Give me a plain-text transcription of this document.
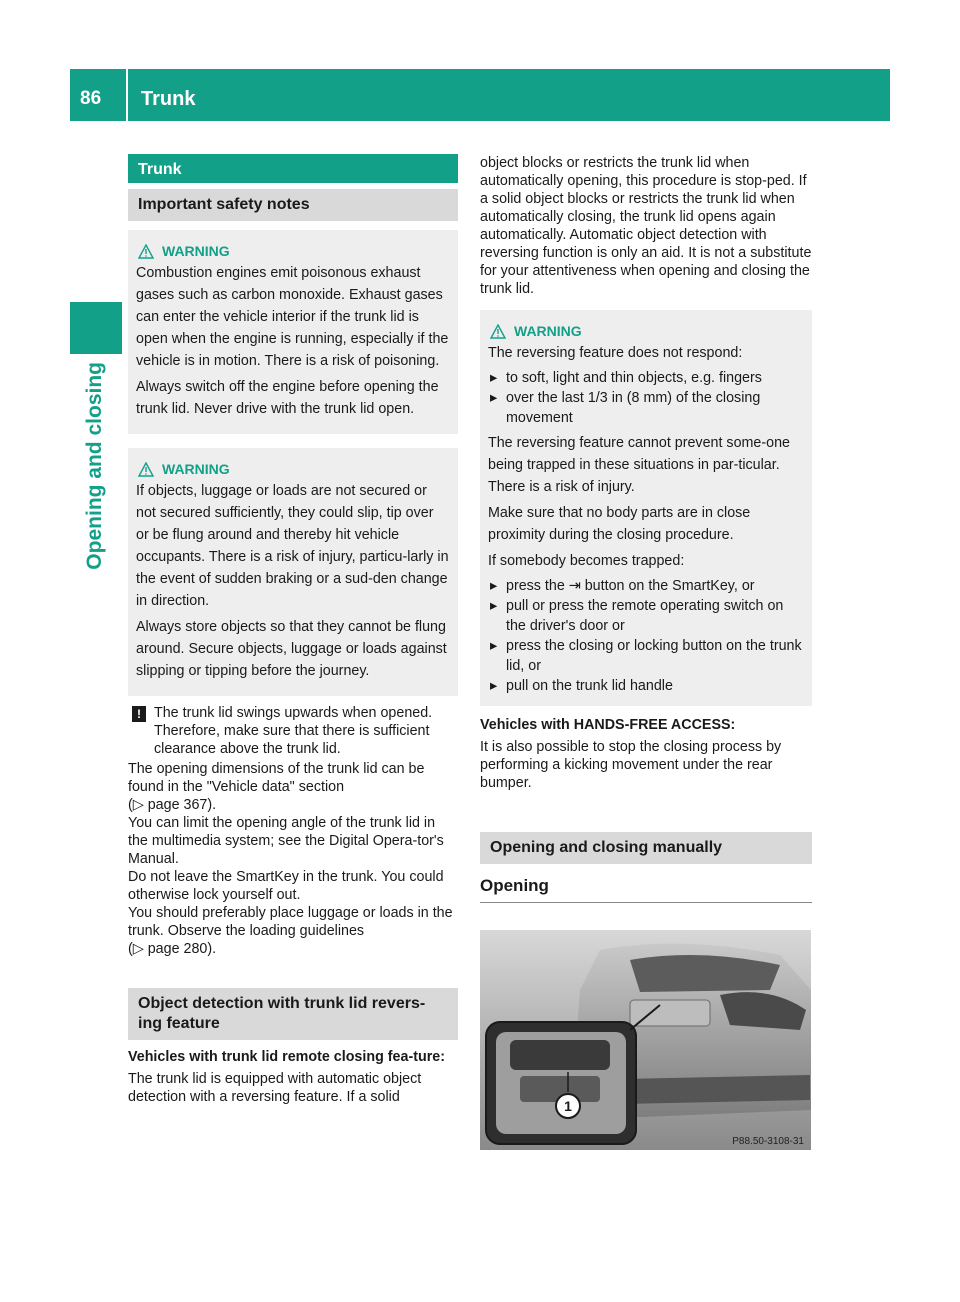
86 Trunk
Opening and closing
Trunk
Important safety notes
WARNING

Combustion engines emit poisonous exhaust gases such as carbon monoxide. Exhaust gases can enter the vehicle interior if the trunk lid is open when the engine is running, especially if the vehicle is in motion. There is a risk of poisoning.

Always switch off the engine before opening the trunk lid. Never drive with the trunk lid open.

WARNING

If objects, luggage or loads are not secured or not secured sufficiently, they could slip, tip over or be flung around and thereby hit vehicle occupants. There is a risk of injury, particu-larly in the event of sudden braking or a sud-den change in direction.

Always store objects so that they cannot be flung around. Secure objects, luggage or loads against slipping or tipping before the journey.

! The trunk lid swings upwards when opened. Therefore, make sure that there is sufficient clearance above the trunk lid.

The opening dimensions of the trunk lid can be found in the "Vehicle data" section

(▷ page 367).

You can limit the opening angle of the trunk lid in the multimedia system; see the Digital Opera-tor's Manual.

Do not leave the SmartKey in the trunk. You could otherwise lock yourself out.

You should preferably place luggage or loads in the trunk. Observe the loading guidelines

(▷ page 280).

Object detection with trunk lid revers-ing feature

Vehicles with trunk lid remote closing fea-ture:

The trunk lid is equipped with automatic object detection with a reversing feature. If a solid

object blocks or restricts the trunk lid when automatically opening, this procedure is stop-ped. If a solid object blocks or restricts the trunk lid when automatically closing, the trunk lid opens again automatically. Automatic object detection with reversing function is only an aid. It is not a substitute for your attentiveness when opening and closing the trunk lid.

WARNING

The reversing feature does not respond:

▸ to soft, light and thin objects, e.g. fingers
▸ over the last 1/3 in (8 mm) of the closing movement

The reversing feature cannot prevent some-one being trapped in these situations in par-ticular. There is a risk of injury.

Make sure that no body parts are in close proximity during the closing procedure.

If somebody becomes trapped:

▸ press the ⇥ button on the SmartKey, or
▸ pull or press the remote operating switch on the driver's door or
▸ press the closing or locking button on the trunk lid, or
▸ pull on the trunk lid handle

Vehicles with HANDS-FREE ACCESS:

It is also possible to stop the closing process by performing a kicking movement under the rear bumper.

Opening and closing manually
Opening
1
P88.50-3108-31
